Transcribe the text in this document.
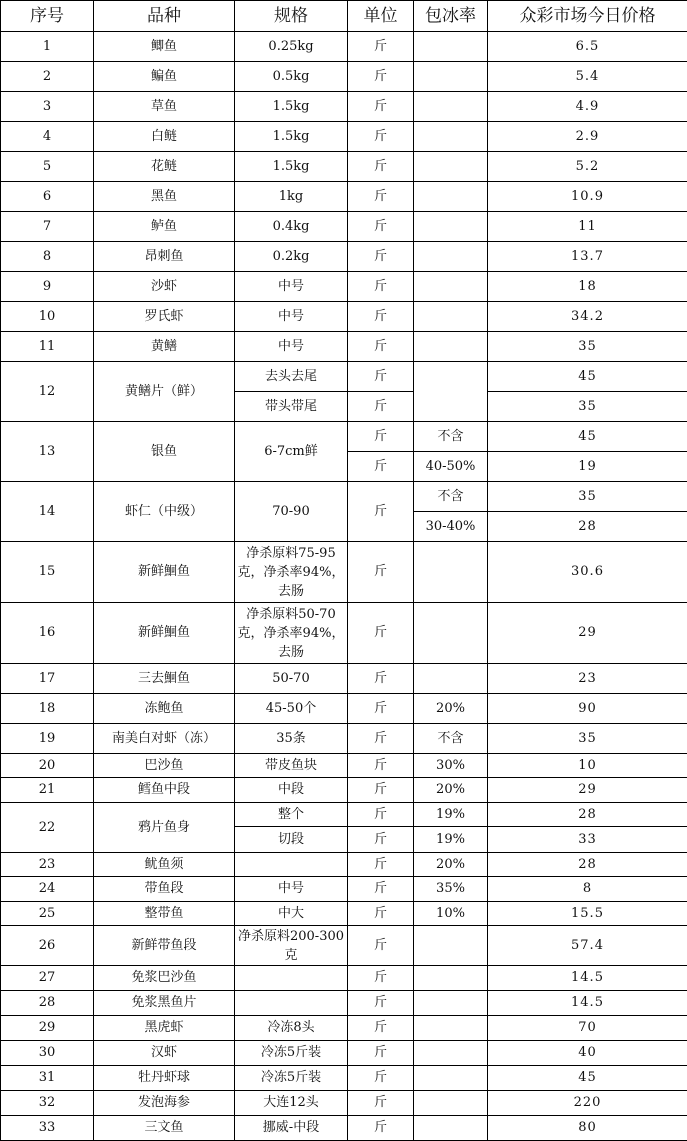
序号	品种	规格	单位	包冰率	众彩市场今日价格
1	鲫鱼	0.25kg	斤		6.5
2	鳊鱼	0.5kg	斤		5.4
3	草鱼	1.5kg	斤		4.9
4	白鲢	1.5kg	斤		2.9
5	花鲢	1.5kg	斤		5.2
6	黑鱼	1kg	斤		10.9
7	鲈鱼	0.4kg	斤		11
8	昂刺鱼	0.2kg	斤		13.7
9	沙虾	中号	斤		18
10	罗氏虾	中号	斤		34.2
11	黄鳝	中号	斤		35
12	黄鳝片（鲜）	去头去尾	斤		45
		带头带尾	斤		35
13	银鱼	6-7cm鲜	斤	不含	45
			斤	40-50%	19
14	虾仁（中级）	70-90	斤	不含	35
				30-40%	28
15	新鲜鮰鱼	净杀原料75-95克，净杀率94%，去肠	斤		30.6
16	新鲜鮰鱼	净杀原料50-70克，净杀率94%，去肠	斤		29
17	三去鮰鱼	50-70	斤		23
18	冻鲍鱼	45-50个	斤	20%	90
19	南美白对虾（冻）	35条	斤	不含	35
20	巴沙鱼	带皮鱼块	斤	30%	10
21	鳕鱼中段	中段	斤	20%	29
22	鸦片鱼身	整个	斤	19%	28
		切段	斤	19%	33
23	鱿鱼须		斤	20%	28
24	带鱼段	中号	斤	35%	8
25	整带鱼	中大	斤	10%	15.5
26	新鲜带鱼段	净杀原料200-300克	斤		57.4
27	免浆巴沙鱼		斤		14.5
28	免浆黑鱼片		斤		14.5
29	黑虎虾	冷冻8头	斤		70
30	汉虾	冷冻5斤装	斤		40
31	牡丹虾球	冷冻5斤装	斤		45
32	发泡海参	大连12头	斤		220
33	三文鱼	挪威-中段	斤		80
